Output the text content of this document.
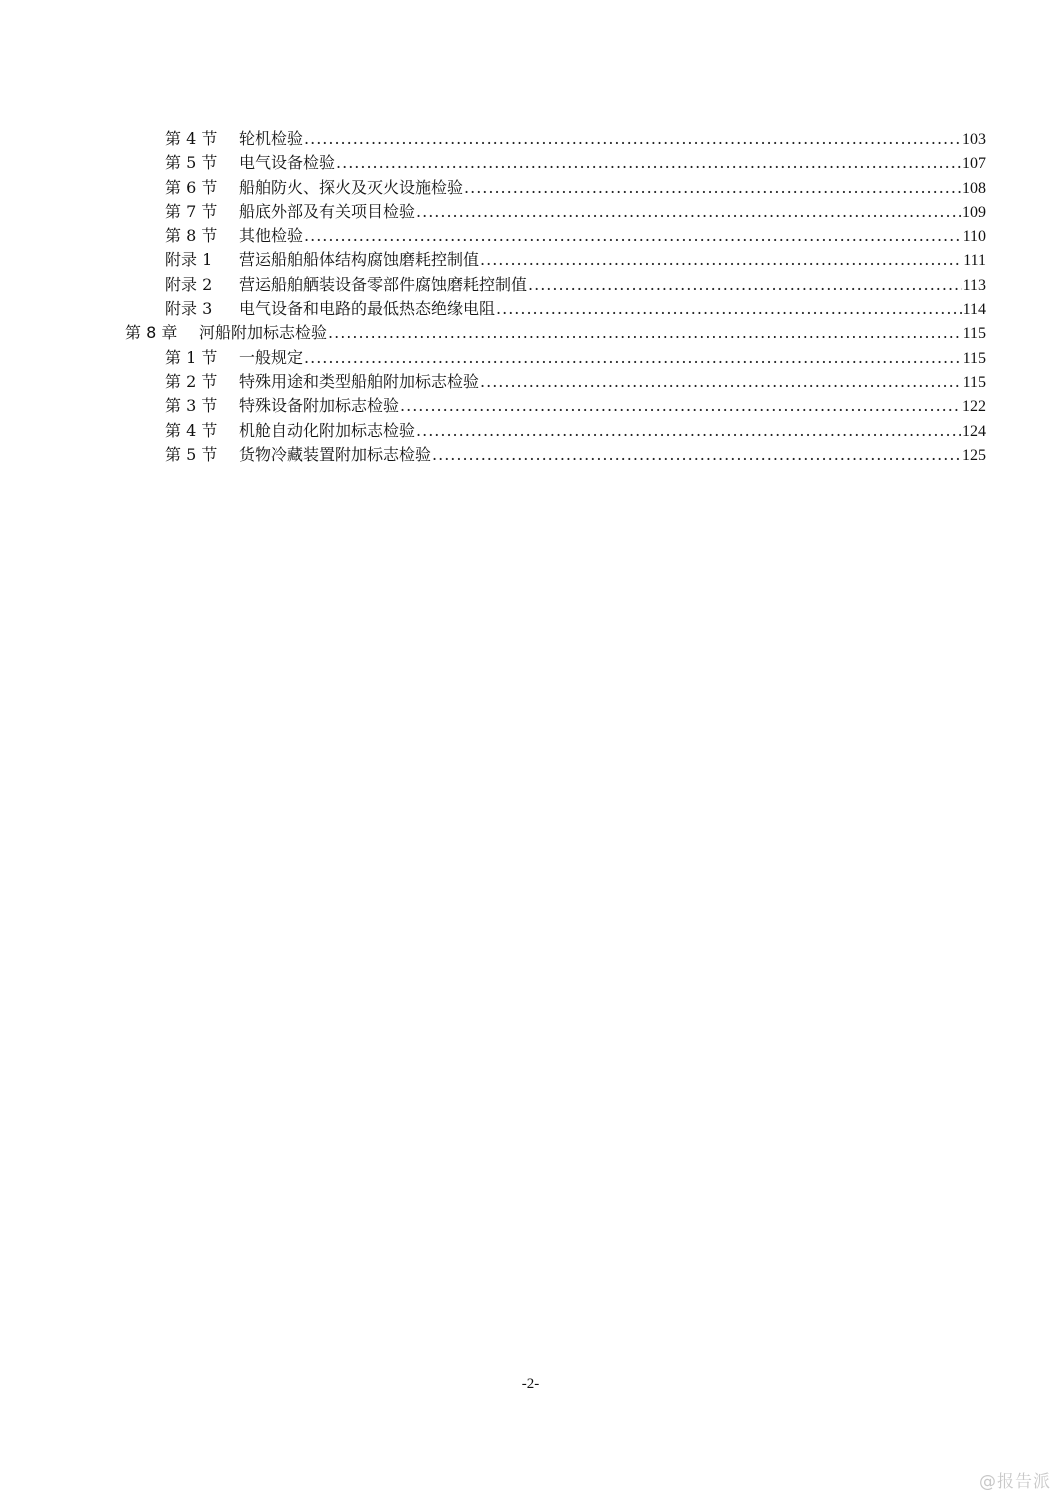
第 4 节	轮机检验 .....	103
第 5 节	电气设备检验 .....	107
第 6 节	船舶防火、探火及灭火设施检验 .....	108
第 7 节	船底外部及有关项目检验 .....	109
第 8 节	其他检验 .....	110
附录 1	营运船舶船体结构腐蚀磨耗控制值 .....	111
附录 2	营运船舶舾装设备零部件腐蚀磨耗控制值 .....	113
附录 3	电气设备和电路的最低热态绝缘电阻 .....	114
第 8 章	河船附加标志检验 .....	115
第 1 节	一般规定 .....	115
第 2 节	特殊用途和类型船舶附加标志检验 .....	115
第 3 节	特殊设备附加标志检验 .....	122
第 4 节	机舱自动化附加标志检验 .....	124
第 5 节	货物冷藏装置附加标志检验 .....	125
-2-
@报告派
